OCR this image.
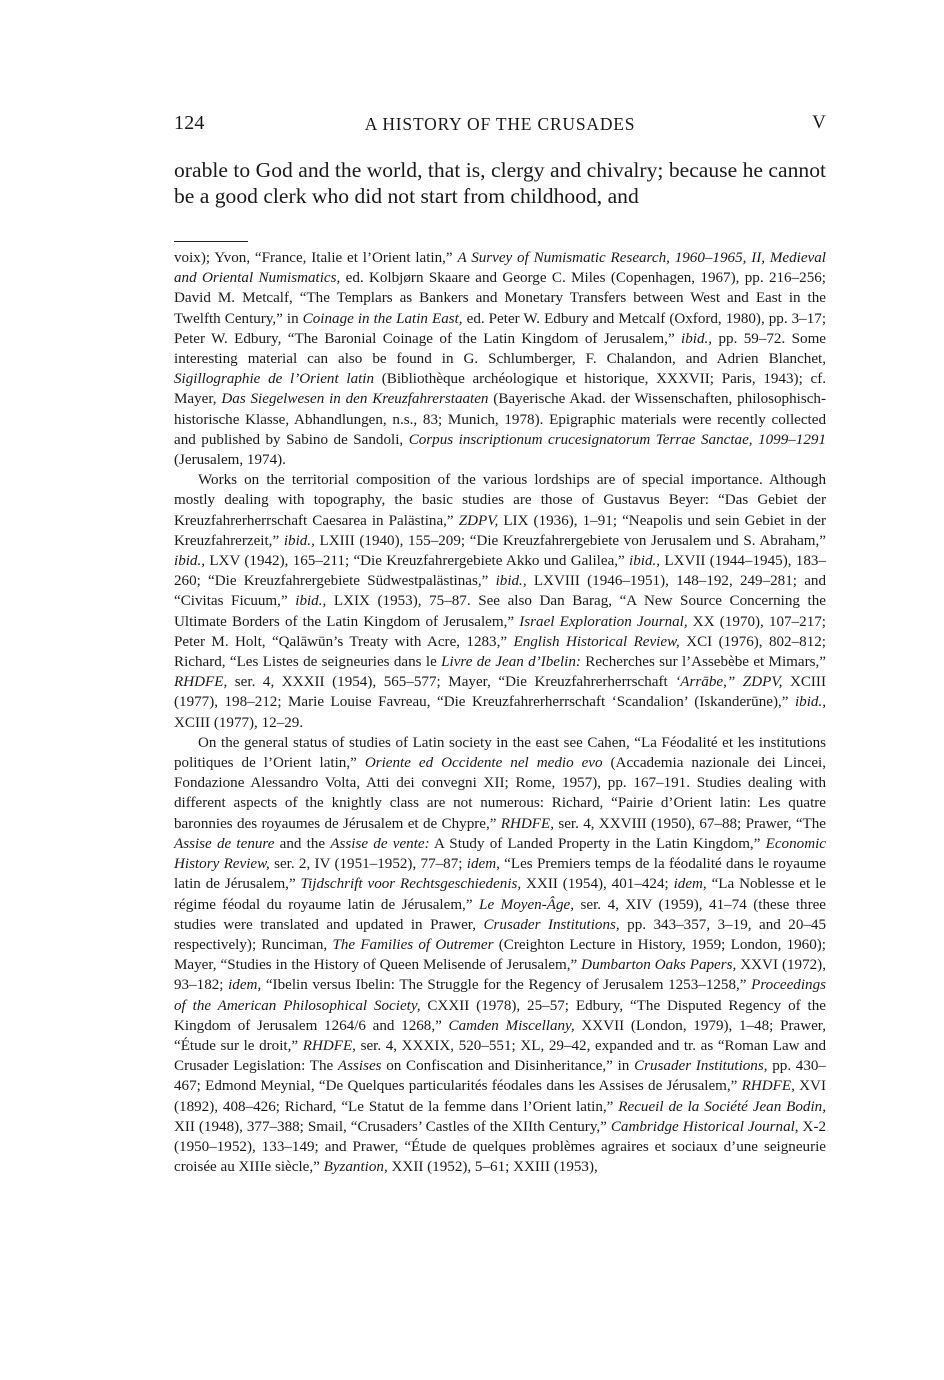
124	A HISTORY OF THE CRUSADES	V

orable to God and the world, that is, clergy and chivalry; because he cannot be a good clerk who did not start from childhood, and

voix); Yvon, “France, Italie et l’Orient latin,” A Survey of Numismatic Research, 1960–1965, II, Medieval and Oriental Numismatics, ed. Kolbjørn Skaare and George C. Miles (Copenhagen, 1967), pp. 216–256; David M. Metcalf, “The Templars as Bankers and Monetary Transfers between West and East in the Twelfth Century,” in Coinage in the Latin East, ed. Peter W. Edbury and Metcalf (Oxford, 1980), pp. 3–17; Peter W. Edbury, “The Baronial Coinage of the Latin Kingdom of Jerusalem,” ibid., pp. 59–72. Some interesting material can also be found in G. Schlumberger, F. Chalandon, and Adrien Blanchet, Sigillographie de l’Orient latin (Bibliothèque archéologique et historique, XXXVII; Paris, 1943); cf. Mayer, Das Siegelwesen in den Kreuzfahrerstaaten (Bayerische Akad. der Wissenschaften, philosophisch-historische Klasse, Abhandlungen, n.s., 83; Munich, 1978). Epigraphic materials were recently collected and published by Sabino de Sandoli, Corpus inscriptionum crucesignatorum Terrae Sanctae, 1099–1291 (Jerusalem, 1974).

Works on the territorial composition of the various lordships are of special importance. Although mostly dealing with topography, the basic studies are those of Gustavus Beyer: “Das Gebiet der Kreuzfahrerherrschaft Caesarea in Palästina,” ZDPV, LIX (1936), 1–91; “Neapolis und sein Gebiet in der Kreuzfahrerzeit,” ibid., LXIII (1940), 155–209; “Die Kreuzfahrergebiete von Jerusalem und S. Abraham,” ibid., LXV (1942), 165–211; “Die Kreuzfahrergebiete Akko und Galilea,” ibid., LXVII (1944–1945), 183–260; “Die Kreuzfahrergebiete Südwestpalästinas,” ibid., LXVIII (1946–1951), 148–192, 249–281; and “Civitas Ficuum,” ibid., LXIX (1953), 75–87. See also Dan Barag, “A New Source Concerning the Ultimate Borders of the Latin Kingdom of Jerusalem,” Israel Exploration Journal, XX (1970), 107–217; Peter M. Holt, “Qalāwūn’s Treaty with Acre, 1283,” English Historical Review, XCI (1976), 802–812; Richard, “Les Listes de seigneuries dans le Livre de Jean d’Ibelin: Recherches sur l’Assebèbe et Mimars,” RHDFE, ser. 4, XXXII (1954), 565–577; Mayer, “Die Kreuzfahrerherrschaft ‘Arrābe,” ZDPV, XCIII (1977), 198–212; Marie Louise Favreau, “Die Kreuzfahrerherrschaft ‘Scandalion’ (Iskanderūne),” ibid., XCIII (1977), 12–29.

On the general status of studies of Latin society in the east see Cahen, “La Féodalité et les institutions politiques de l’Orient latin,” Oriente ed Occidente nel medio evo (Accademia nazionale dei Lincei, Fondazione Alessandro Volta, Atti dei convegni XII; Rome, 1957), pp. 167–191. Studies dealing with different aspects of the knightly class are not numerous: Richard, “Pairie d’Orient latin: Les quatre baronnies des royaumes de Jérusalem et de Chypre,” RHDFE, ser. 4, XXVIII (1950), 67–88; Prawer, “The Assise de tenure and the Assise de vente: A Study of Landed Property in the Latin Kingdom,” Economic History Review, ser. 2, IV (1951–1952), 77–87; idem, “Les Premiers temps de la féodalité dans le royaume latin de Jérusalem,” Tijdschrift voor Rechtsgeschiedenis, XXII (1954), 401–424; idem, “La Noblesse et le régime féodal du royaume latin de Jérusalem,” Le Moyen-Âge, ser. 4, XIV (1959), 41–74 (these three studies were translated and updated in Prawer, Crusader Institutions, pp. 343–357, 3–19, and 20–45 respectively); Runciman, The Families of Outremer (Creighton Lecture in History, 1959; London, 1960); Mayer, “Studies in the History of Queen Melisende of Jerusalem,” Dumbarton Oaks Papers, XXVI (1972), 93–182; idem, “Ibelin versus Ibelin: The Struggle for the Regency of Jerusalem 1253–1258,” Proceedings of the American Philosophical Society, CXXII (1978), 25–57; Edbury, “The Disputed Regency of the Kingdom of Jerusalem 1264/6 and 1268,” Camden Miscellany, XXVII (London, 1979), 1–48; Prawer, “Étude sur le droit,” RHDFE, ser. 4, XXXIX, 520–551; XL, 29–42, expanded and tr. as “Roman Law and Crusader Legislation: The Assises on Confiscation and Disinheritance,” in Crusader Institutions, pp. 430–467; Edmond Meynial, “De Quelques particularités féodales dans les Assises de Jérusalem,” RHDFE, XVI (1892), 408–426; Richard, “Le Statut de la femme dans l’Orient latin,” Recueil de la Société Jean Bodin, XII (1948), 377–388; Smail, “Crusaders’ Castles of the XIIth Century,” Cambridge Historical Journal, X-2 (1950–1952), 133–149; and Prawer, “Étude de quelques problèmes agraires et sociaux d’une seigneurie croisée au XIIIe siècle,” Byzantion, XXII (1952), 5–61; XXIII (1953),
